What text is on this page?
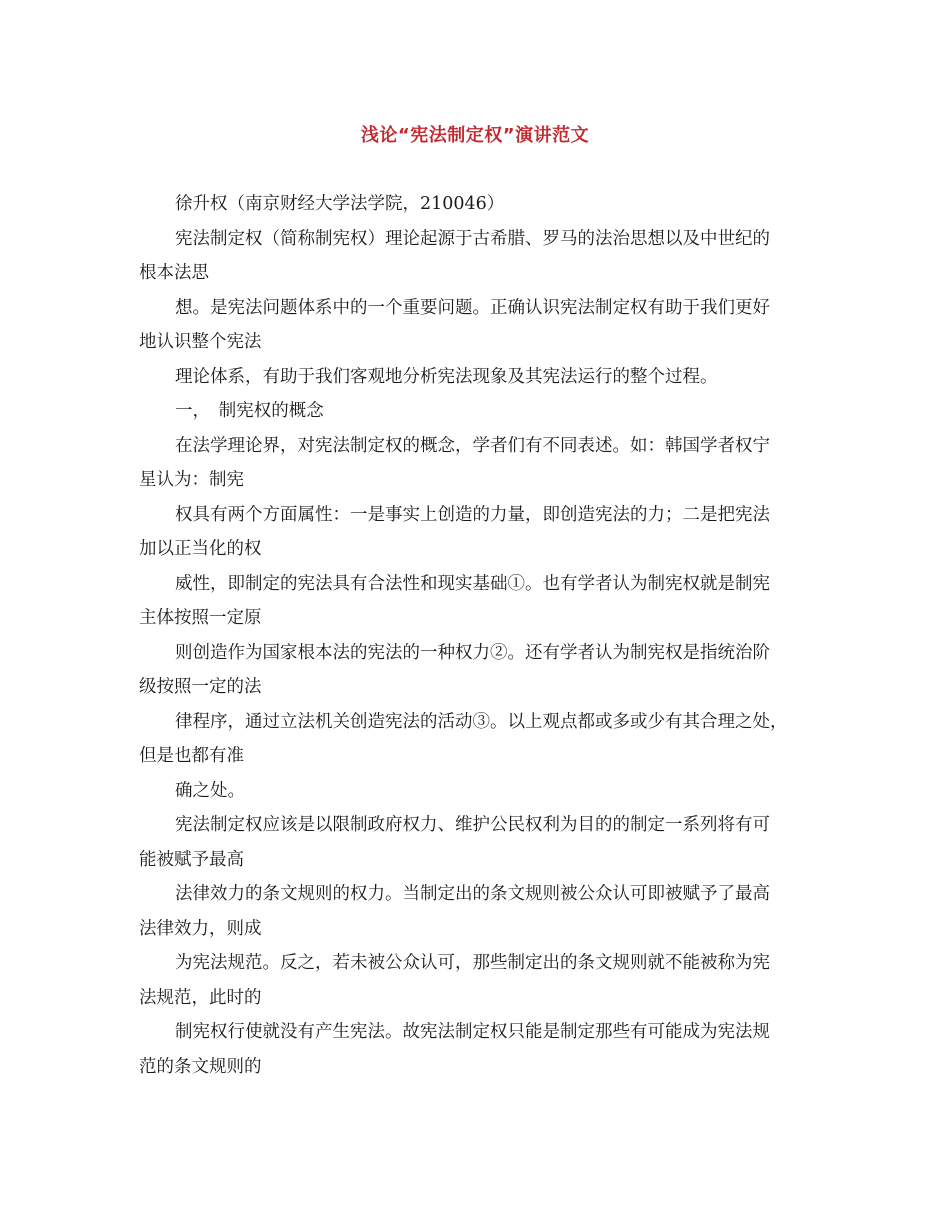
浅论“宪法制定权”演讲范文

徐升权（南京财经大学法学院，210046）
宪法制定权（简称制宪权）理论起源于古希腊、罗马的法治思想以及中世纪的
根本法思
想。是宪法问题体系中的一个重要问题。正确认识宪法制定权有助于我们更好
地认识整个宪法
理论体系，有助于我们客观地分析宪法现象及其宪法运行的整个过程。
一，　制宪权的概念
在法学理论界，对宪法制定权的概念，学者们有不同表述。如：韩国学者权宁
星认为：制宪
权具有两个方面属性：一是事实上创造的力量，即创造宪法的力；二是把宪法
加以正当化的权
威性，即制定的宪法具有合法性和现实基础①。也有学者认为制宪权就是制宪
主体按照一定原
则创造作为国家根本法的宪法的一种权力②。还有学者认为制宪权是指统治阶
级按照一定的法
律程序，通过立法机关创造宪法的活动③。以上观点都或多或少有其合理之处，
但是也都有准
确之处。
宪法制定权应该是以限制政府权力、维护公民权利为目的的制定一系列将有可
能被赋予最高
法律效力的条文规则的权力。当制定出的条文规则被公众认可即被赋予了最高
法律效力，则成
为宪法规范。反之，若未被公众认可，那些制定出的条文规则就不能被称为宪
法规范，此时的
制宪权行使就没有产生宪法。故宪法制定权只能是制定那些有可能成为宪法规
范的条文规则的
